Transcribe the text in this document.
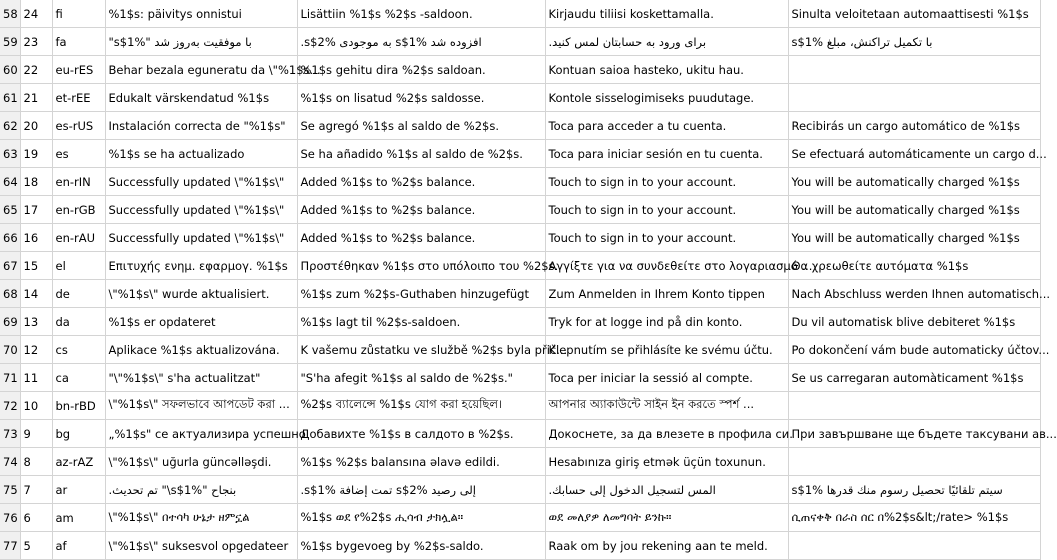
58	24	fi	%1$s: päivitys onnistui	Lisättiin %1$s %2$s -saldoon.	Kirjaudu tiliisi koskettamalla.	Sinulta veloitetaan automaattisesti %1$s
59	23	fa	با موفقیت به‌روز شد "%1$s"	افزوده شد %1$s به موجودی %2$s.	برای ورود به حسابتان لمس کنید.	با تکمیل تراکنش، مبلغ %1$s
60	22	eu-rES	Behar bezala eguneratu da \"%1$s...	%1$s gehitu dira %2$s saldoan.	Kontuan saioa hasteko, ukitu hau.	
61	21	et-rEE	Edukalt värskendatud %1$s	%1$s on lisatud %2$s saldosse.	Kontole sisselogimiseks puudutage.	
62	20	es-rUS	Instalación correcta de "%1$s"	Se agregó %1$s al saldo de %2$s.	Toca para acceder a tu cuenta.	Recibirás un cargo automático de %1$s
63	19	es	%1$s se ha actualizado	Se ha añadido %1$s al saldo de %2$s.	Toca para iniciar sesión en tu cuenta.	Se efectuará automáticamente un cargo d...
64	18	en-rIN	Successfully updated \"%1$s\"	Added %1$s to %2$s balance.	Touch to sign in to your account.	You will be automatically charged %1$s
65	17	en-rGB	Successfully updated \"%1$s\"	Added %1$s to %2$s balance.	Touch to sign in to your account.	You will be automatically charged %1$s
66	16	en-rAU	Successfully updated \"%1$s\"	Added %1$s to %2$s balance.	Touch to sign in to your account.	You will be automatically charged %1$s
67	15	el	Επιτυχής ενημ. εφαρμογ. %1$s	Προστέθηκαν %1$s στο υπόλοιπο του %2$s.	Αγγίξτε για να συνδεθείτε στο λογαριασμό ...	Θα χρεωθείτε αυτόματα %1$s
68	14	de	\"%1$s\" wurde aktualisiert.	%1$s zum %2$s-Guthaben hinzugefügt	Zum Anmelden in Ihrem Konto tippen	Nach Abschluss werden Ihnen automatisch...
69	13	da	%1$s er opdateret	%1$s lagt til %2$s-saldoen.	Tryk for at logge ind på din konto.	Du vil automatisk blive debiteret %1$s
70	12	cs	Aplikace %1$s aktualizována.	K vašemu zůstatku ve službě %2$s byla přič...	Klepnutím se přihlásíte ke svému účtu.	Po dokončení vám bude automaticky účtov...
71	11	ca	"\"%1$s\" s'ha actualitzat"	"S'ha afegit %1$s al saldo de %2$s."	Toca per iniciar la sessió al compte.	Se us carregaran automàticament %1$s
72	10	bn-rBD	\"%1$s\" সফলভাবে আপডেট করা ...	%2$s ব্যালেন্সে %1$s যোগ করা হয়েছিল।	আপনার অ্যাকাউন্টে সাইন ইন করতে স্পর্শ ...	
73	9	bg	„%1$s" се актуализира успешно	Добавихте %1$s в салдото в %2$s.	Докоснете, за да влезете в профила си.	При завършване ще бъдете таксувани ав...
74	8	az-rAZ	\"%1$s\" uğurla güncəlləşdi.	%1$s %2$s balansına əlavə edildi.	Hesabınıza giriş etmək üçün toxunun.	
75	7	ar	بنجاح "%1$s\" تم تحديث.	إلى رصيد %2$s تمت إضافة %1$s.	المس لتسجيل الدخول إلى حسابك.	سيتم تلقائيًا تحصيل رسوم منك قدرها %1$s
76	6	am	\"%1$s\" በተሳካ ሁኔታ ዘምኗል	%1$s ወደ የ%2$s ሒሳብ ታክሏል።	ወደ መለያዎ ለመግባት ይንኩ።	ሲጠናቀቅ በራስ ሰር በ%2$s&lt;/rate> %1$s
77	5	af	\"%1$s\" suksesvol opgedateer	%1$s bygevoeg by %2$s-saldo.	Raak om by jou rekening aan te meld.	
